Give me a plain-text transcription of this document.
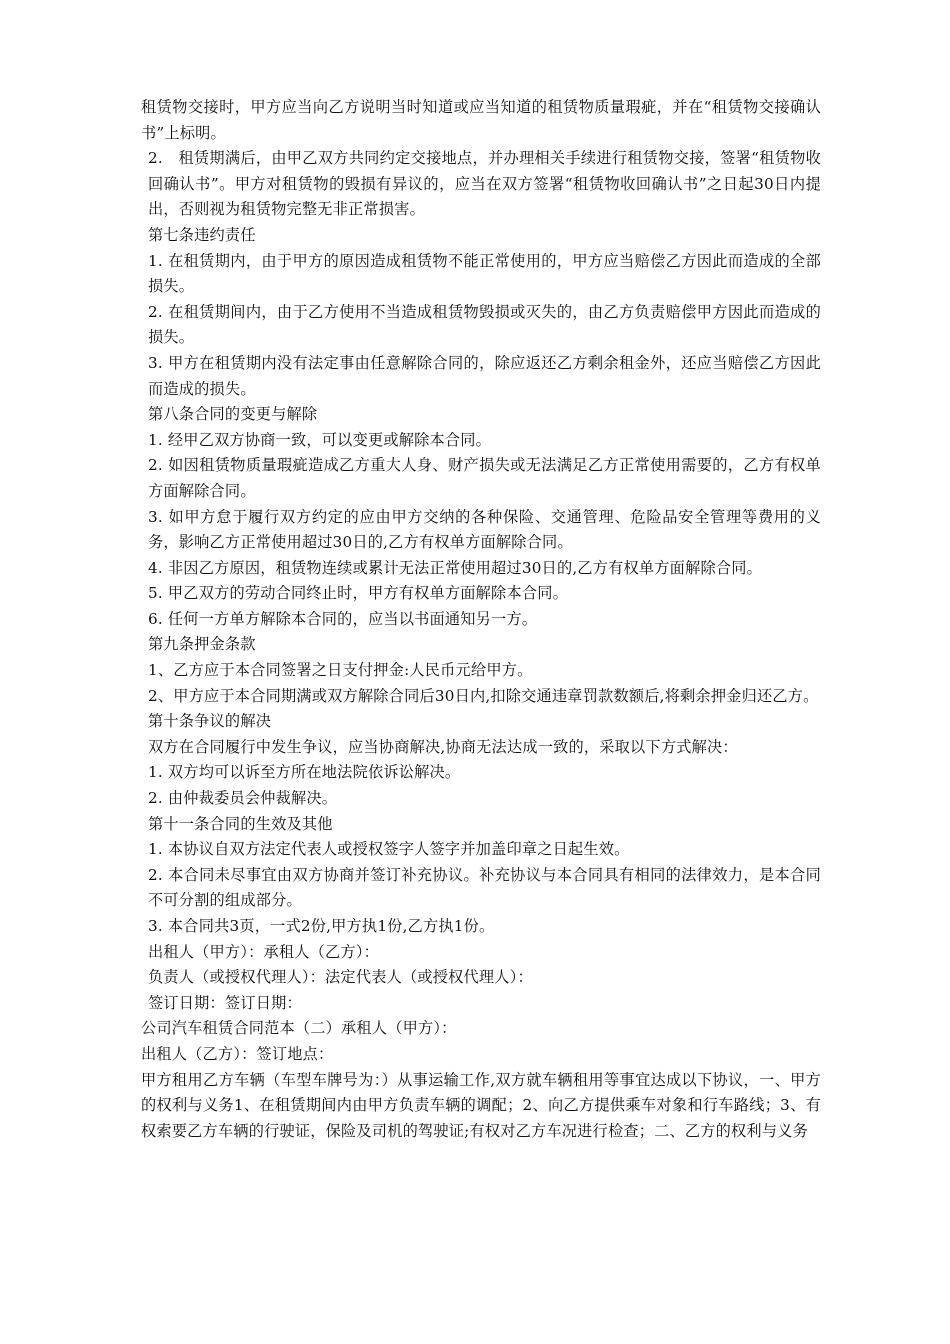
租赁物交接时，甲方应当向乙方说明当时知道或应当知道的租赁物质量瑕疵，并在“租赁物交接确认书”上标明。

2.　租赁期满后，由甲乙双方共同约定交接地点，并办理相关手续进行租赁物交接，签署“租赁物收回确认书”。甲方对租赁物的毁损有异议的，应当在双方签署“租赁物收回确认书”之日起30日内提出，否则视为租赁物完整无非正常损害。

第七条违约责任

1. 在租赁期内，由于甲方的原因造成租赁物不能正常使用的，甲方应当赔偿乙方因此而造成的全部损失。

2. 在租赁期间内，由于乙方使用不当造成租赁物毁损或灭失的，由乙方负责赔偿甲方因此而造成的损失。

3. 甲方在租赁期内没有法定事由任意解除合同的，除应返还乙方剩余租金外，还应当赔偿乙方因此而造成的损失。

第八条合同的变更与解除

1. 经甲乙双方协商一致，可以变更或解除本合同。

2. 如因租赁物质量瑕疵造成乙方重大人身、财产损失或无法满足乙方正常使用需要的，乙方有权单方面解除合同。

3. 如甲方怠于履行双方约定的应由甲方交纳的各种保险、交通管理、危险品安全管理等费用的义务，影响乙方正常使用超过30日的,乙方有权单方面解除合同。

4. 非因乙方原因，租赁物连续或累计无法正常使用超过30日的,乙方有权单方面解除合同。

5. 甲乙双方的劳动合同终止时，甲方有权单方面解除本合同。

6. 任何一方单方解除本合同的，应当以书面通知另一方。

第九条押金条款

1、乙方应于本合同签署之日支付押金:人民币元给甲方。

2、甲方应于本合同期满或双方解除合同后30日内,扣除交通违章罚款数额后,将剩余押金归还乙方。

第十条争议的解决

双方在合同履行中发生争议，应当协商解决,协商无法达成一致的，采取以下方式解决：

1. 双方均可以诉至方所在地法院依诉讼解决。

2. 由仲裁委员会仲裁解决。

第十一条合同的生效及其他

1. 本协议自双方法定代表人或授权签字人签字并加盖印章之日起生效。

2. 本合同未尽事宜由双方协商并签订补充协议。补充协议与本合同具有相同的法律效力，是本合同不可分割的组成部分。

3. 本合同共3页，一式2份,甲方执1份,乙方执1份。

出租人（甲方）：承租人（乙方）：

负责人（或授权代理人）：法定代表人（或授权代理人）：

签订日期：签订日期：

公司汽车租赁合同范本（二）承租人（甲方）：

出租人（乙方）：签订地点：

甲方租用乙方车辆（车型车牌号为：）从事运输工作,双方就车辆租用等事宜达成以下协议，一、甲方的权利与义务1、在租赁期间内由甲方负责车辆的调配；2、向乙方提供乘车对象和行车路线；3、有权索要乙方车辆的行驶证，保险及司机的驾驶证;有权对乙方车况进行检查；二、乙方的权利与义务
